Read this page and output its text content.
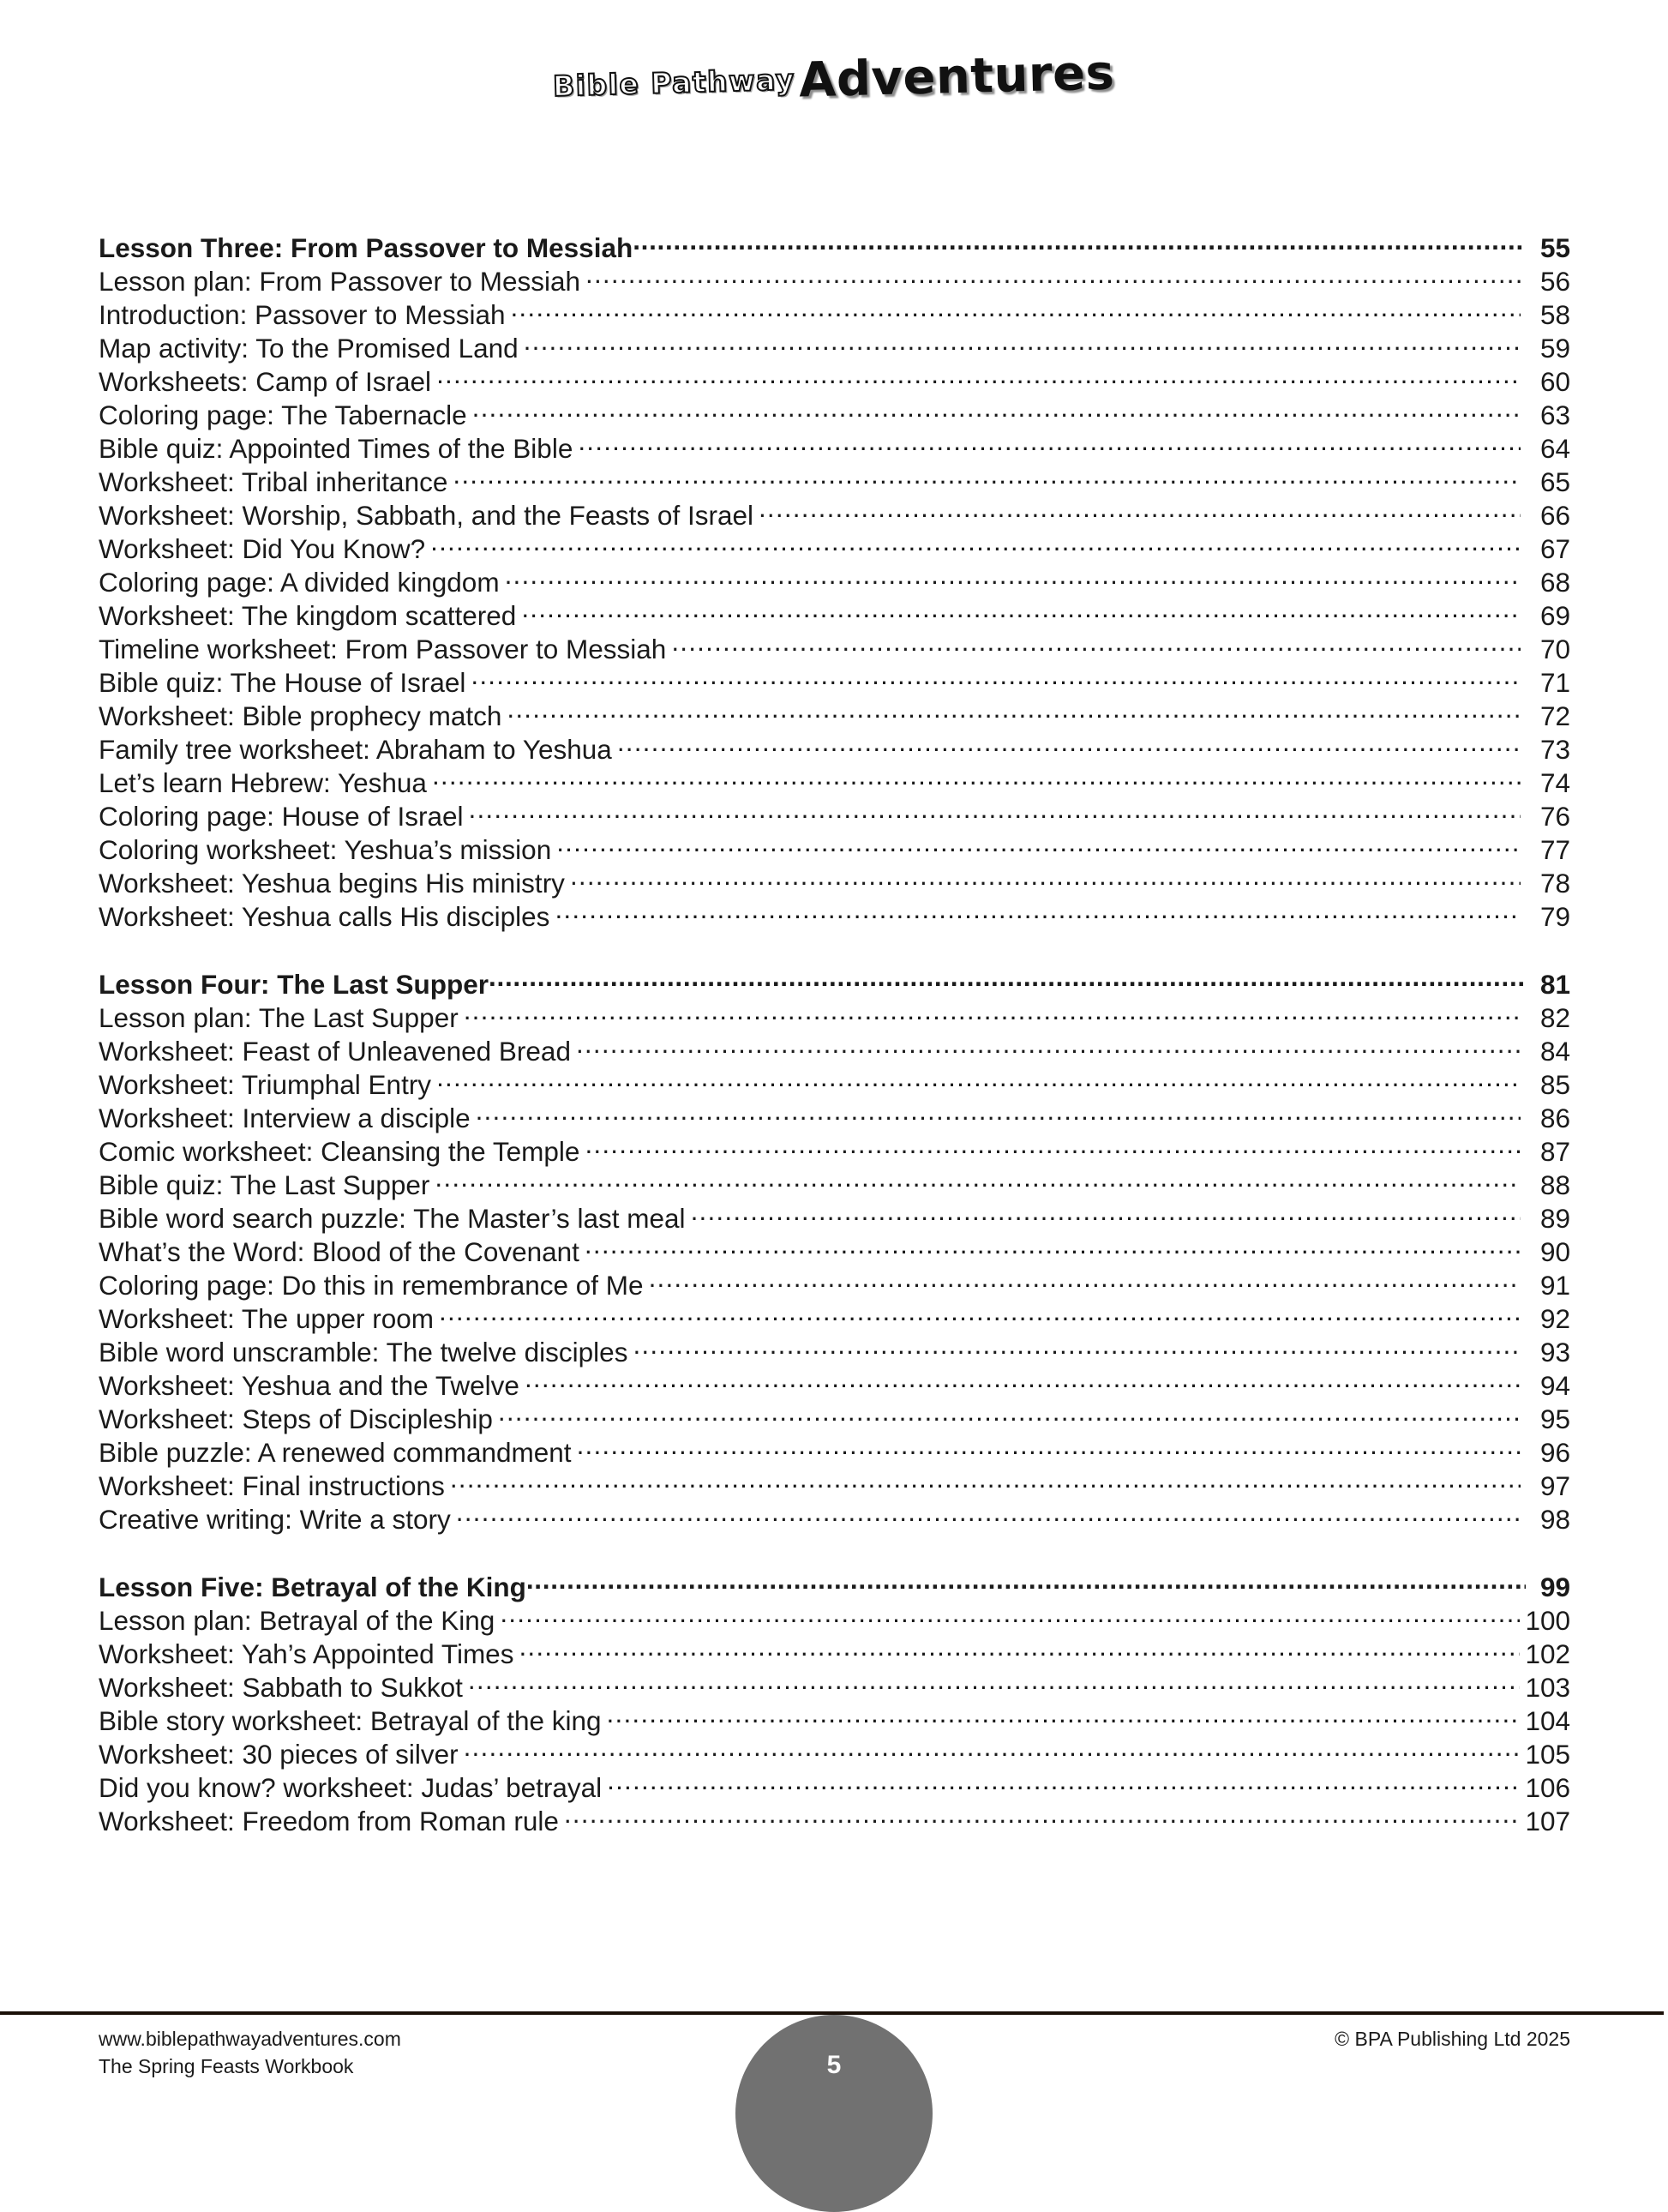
Bible Pathway Adventures
Lesson Three: From Passover to Messiah .....	55
Lesson plan: From Passover to Messiah .....	56
Introduction: Passover to Messiah .....	58
Map activity: To the Promised Land .....	59
Worksheets: Camp of Israel .....	60
Coloring page: The Tabernacle .....	63
Bible quiz: Appointed Times of the Bible .....	64
Worksheet: Tribal inheritance .....	65
Worksheet: Worship, Sabbath, and the Feasts of Israel .....	66
Worksheet: Did You Know? .....	67
Coloring page: A divided kingdom .....	68
Worksheet: The kingdom scattered .....	69
Timeline worksheet: From Passover to Messiah .....	70
Bible quiz: The House of Israel .....	71
Worksheet: Bible prophecy match .....	72
Family tree worksheet: Abraham to Yeshua .....	73
Let’s learn Hebrew: Yeshua .....	74
Coloring page: House of Israel .....	76
Coloring worksheet: Yeshua’s mission .....	77
Worksheet: Yeshua begins His ministry .....	78
Worksheet: Yeshua calls His disciples .....	79
Lesson Four: The Last Supper .....	81
Lesson plan: The Last Supper .....	82
Worksheet: Feast of Unleavened Bread .....	84
Worksheet: Triumphal Entry .....	85
Worksheet: Interview a disciple .....	86
Comic worksheet: Cleansing the Temple .....	87
Bible quiz: The Last Supper .....	88
Bible word search puzzle: The Master’s last meal .....	89
What’s the Word: Blood of the Covenant .....	90
Coloring page: Do this in remembrance of Me .....	91
Worksheet: The upper room .....	92
Bible word unscramble: The twelve disciples .....	93
Worksheet: Yeshua and the Twelve .....	94
Worksheet: Steps of Discipleship .....	95
Bible puzzle: A renewed commandment .....	96
Worksheet: Final instructions .....	97
Creative writing: Write a story .....	98
Lesson Five: Betrayal of the King .....	99
Lesson plan: Betrayal of the King .....	100
Worksheet: Yah’s Appointed Times .....	102
Worksheet: Sabbath to Sukkot .....	103
Bible story worksheet: Betrayal of the king .....	104
Worksheet: 30 pieces of silver .....	105
Did you know? worksheet: Judas’ betrayal .....	106
Worksheet: Freedom from Roman rule .....	107
www.biblepathwayadventures.com
The Spring Feasts Workbook
© BPA Publishing Ltd 2025
5
